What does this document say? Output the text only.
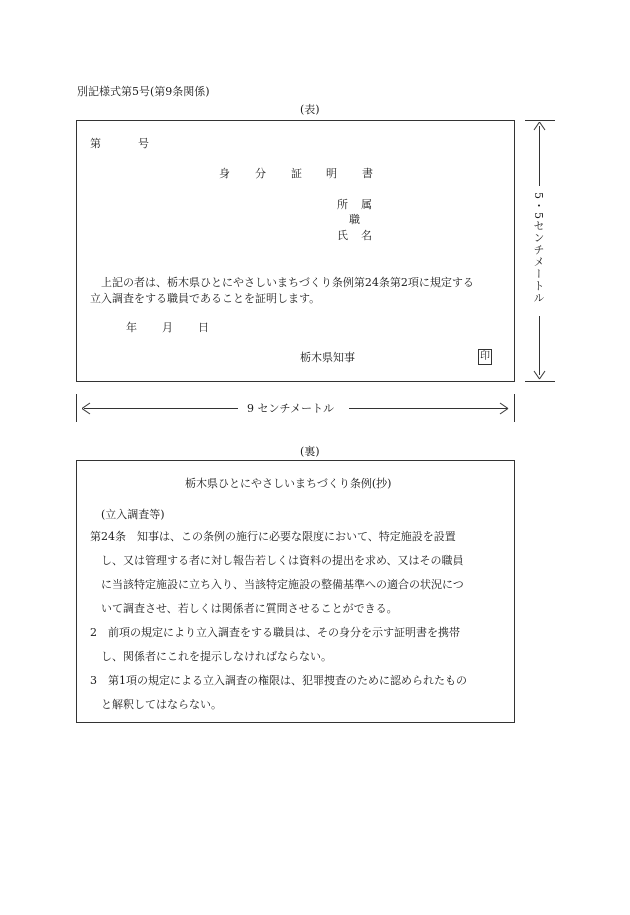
別記様式第5号(第9条関係)
(表)
第	号
身 分 証 明 書
所 属
職
氏 名
上記の者は、栃木県ひとにやさしいまちづくり条例第24条第2項に規定する
立入調査をする職員であることを証明します。
年 月 日
栃木県知事	印
5・5センチメートル
9 センチメートル
(裏)
栃木県ひとにやさしいまちづくり条例(抄)
(立入調査等)
第24条　知事は、この条例の施行に必要な限度において、特定施設を設置
し、又は管理する者に対し報告若しくは資料の提出を求め、又はその職員
に当該特定施設に立ち入り、当該特定施設の整備基準への適合の状況につ
いて調査させ、若しくは関係者に質問させることができる。
2　前項の規定により立入調査をする職員は、その身分を示す証明書を携帯
し、関係者にこれを提示しなければならない。
3　第1項の規定による立入調査の権限は、犯罪捜査のために認められたもの
と解釈してはならない。
